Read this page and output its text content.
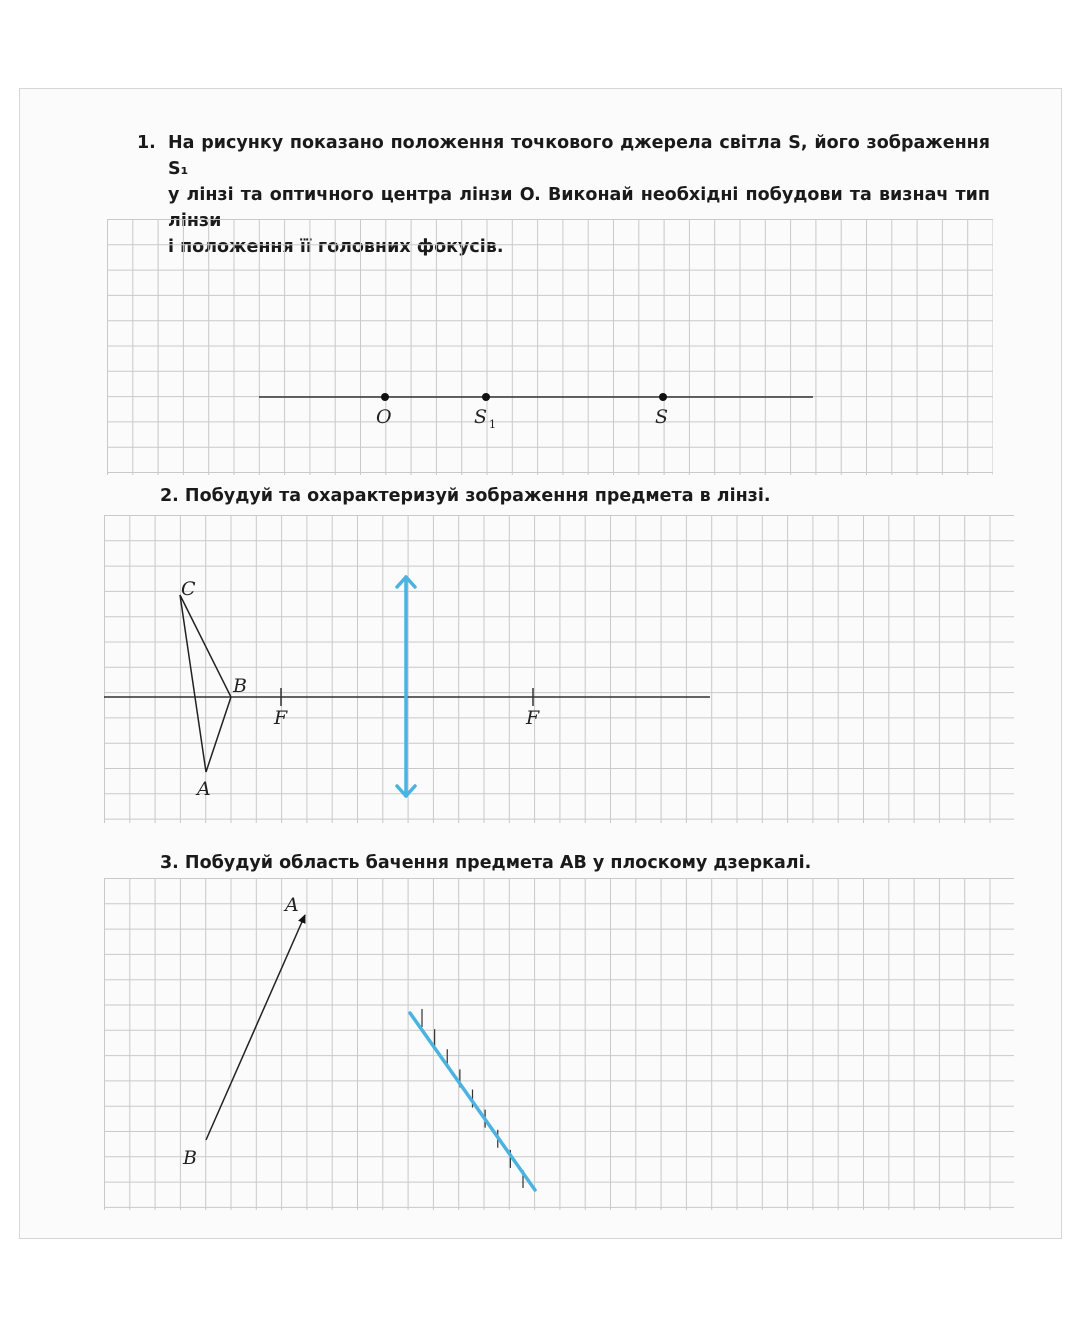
1. На рисунку показано положення точкового джерела світла S, його зображення S₁
у лінзі та оптичного центра лінзи O. Виконай необхідні побудови та визнач тип лінзи
і положення її головних фокусів.
O	S 1	S
2. Побудуй та охарактеризуй зображення предмета в лінзі.
C
B
A
F	F
3. Побудуй область бачення предмета AB у плоскому дзеркалі.
A
B
